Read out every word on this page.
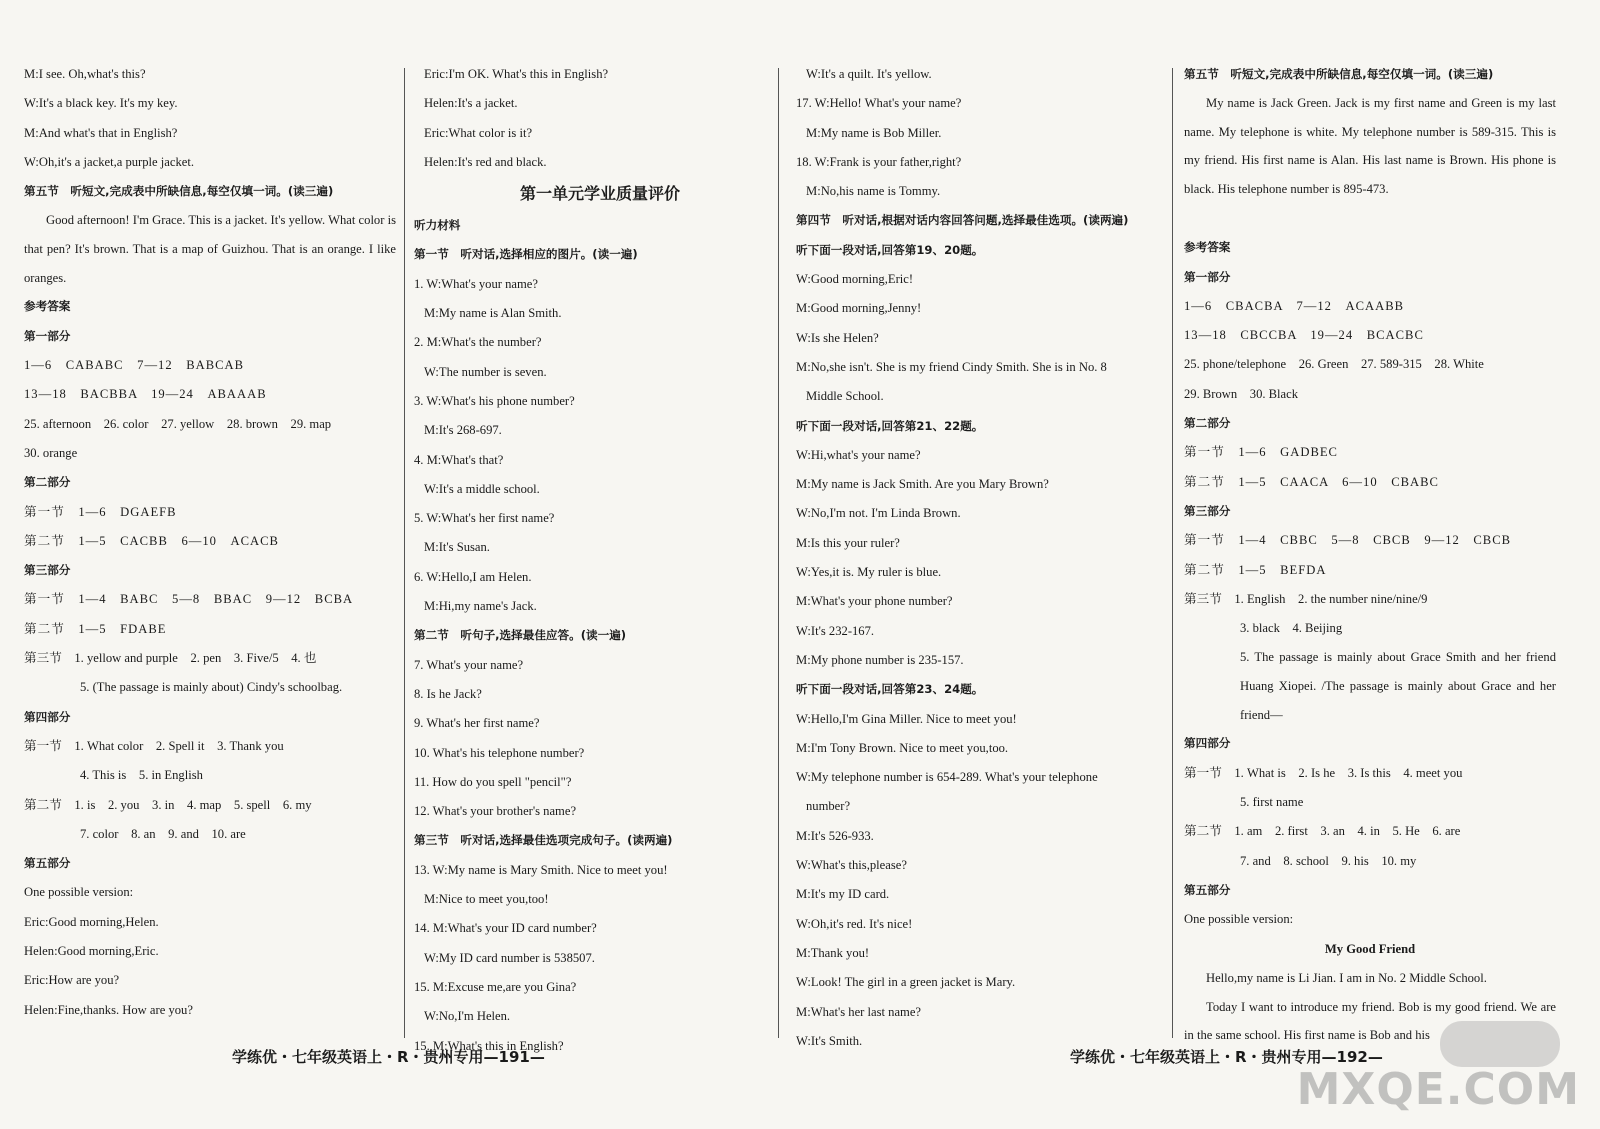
M:I see. Oh,what's this?
W:It's a black key. It's my key.
M:And what's that in English?
W:Oh,it's a jacket,a purple jacket.
第五节　听短文,完成表中所缺信息,每空仅填一词。(读三遍)
Good afternoon! I'm Grace. This is a jacket. It's yellow. What color is that pen? It's brown. That is a map of Guizhou. That is an orange. I like oranges.
参考答案
第一部分
1—6　CABABC　7—12　BABCAB
13—18　BACBBA　19—24　ABAAAB
25. afternoon　26. color　27. yellow　28. brown　29. map
30. orange
第二部分
第一节　1—6　DGAEFB
第二节　1—5　CACBB　6—10　ACACB
第三部分
第一节　1—4　BABC　5—8　BBAC　9—12　BCBA
第二节　1—5　FDABE
第三节　1. yellow and purple　2. pen　3. Five/5　4. 也
5. (The passage is mainly about) Cindy's schoolbag.
第四部分
第一节　1. What color　2. Spell it　3. Thank you
4. This is　5. in English
第二节　1. is　2. you　3. in　4. map　5. spell　6. my
7. color　8. an　9. and　10. are
第五部分
One possible version:
Eric:Good morning,Helen.
Helen:Good morning,Eric.
Eric:How are you?
Helen:Fine,thanks. How are you?
Eric:I'm OK. What's this in English?
Helen:It's a jacket.
Eric:What color is it?
Helen:It's red and black.
第一单元学业质量评价
听力材料
第一节　听对话,选择相应的图片。(读一遍)
1. W:What's your name?
M:My name is Alan Smith.
2. M:What's the number?
W:The number is seven.
3. W:What's his phone number?
M:It's 268-697.
4. M:What's that?
W:It's a middle school.
5. W:What's her first name?
M:It's Susan.
6. W:Hello,I am Helen.
M:Hi,my name's Jack.
第二节　听句子,选择最佳应答。(读一遍)
7. What's your name?
8. Is he Jack?
9. What's her first name?
10. What's his telephone number?
11. How do you spell "pencil"?
12. What's your brother's name?
第三节　听对话,选择最佳选项完成句子。(读两遍)
13. W:My name is Mary Smith. Nice to meet you!
M:Nice to meet you,too!
14. M:What's your ID card number?
W:My ID card number is 538507.
15. M:Excuse me,are you Gina?
W:No,I'm Helen.
15. M:What's this in English?
W:It's a quilt. It's yellow.
17. W:Hello! What's your name?
M:My name is Bob Miller.
18. W:Frank is your father,right?
M:No,his name is Tommy.
第四节　听对话,根据对话内容回答问题,选择最佳选项。(读两遍)
听下面一段对话,回答第19、20题。
W:Good morning,Eric!
M:Good morning,Jenny!
W:Is she Helen?
M:No,she isn't. She is my friend Cindy Smith. She is in No. 8
Middle School.
听下面一段对话,回答第21、22题。
W:Hi,what's your name?
M:My name is Jack Smith. Are you Mary Brown?
W:No,I'm not. I'm Linda Brown.
M:Is this your ruler?
W:Yes,it is. My ruler is blue.
M:What's your phone number?
W:It's 232-167.
M:My phone number is 235-157.
听下面一段对话,回答第23、24题。
W:Hello,I'm Gina Miller. Nice to meet you!
M:I'm Tony Brown. Nice to meet you,too.
W:My telephone number is 654-289. What's your telephone
number?
M:It's 526-933.
W:What's this,please?
M:It's my ID card.
W:Oh,it's red. It's nice!
M:Thank you!
W:Look! The girl in a green jacket is Mary.
M:What's her last name?
W:It's Smith.
第五节　听短文,完成表中所缺信息,每空仅填一词。(读三遍)
My name is Jack Green. Jack is my first name and Green is my last name. My telephone is white. My telephone number is 589-315. This is my friend. His first name is Alan. His last name is Brown. His phone is black. His telephone number is 895-473.
参考答案
第一部分
1—6　CBACBA　7—12　ACAABB
13—18　CBCCBA　19—24　BCACBC
25. phone/telephone　26. Green　27. 589-315　28. White
29. Brown　30. Black
第二部分
第一节　1—6　GADBEC
第二节　1—5　CAACA　6—10　CBABC
第三部分
第一节　1—4　CBBC　5—8　CBCB　9—12　CBCB
第二节　1—5　BEFDA
第三节　1. English　2. the number nine/nine/9
3. black　4. Beijing
5. The passage is mainly about Grace Smith and her friend Huang Xiopei. /The passage is mainly about Grace and her friend—
第四部分
第一节　1. What is　2. Is he　3. Is this　4. meet you
5. first name
第二节　1. am　2. first　3. an　4. in　5. He　6. are
7. and　8. school　9. his　10. my
第五部分
One possible version:
My Good Friend
Hello,my name is Li Jian. I am in No. 2 Middle School.
Today I want to introduce my friend. Bob is my good friend. We are in the same school. His first name is Bob and his
学练优・七年级英语上・R・贵州专用—191—	学练优・七年级英语上・R・贵州专用—192—
MXQE.COM
